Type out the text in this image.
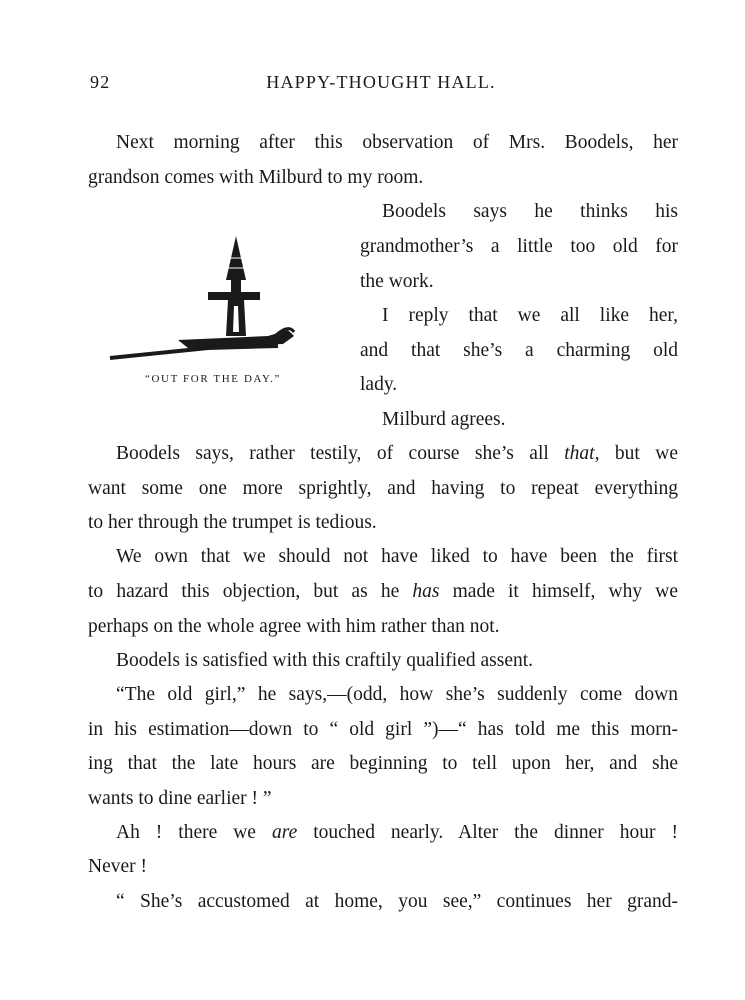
92	HAPPY-THOUGHT HALL.

Next morning after this observation of Mrs. Boodels, her

grandson comes with Milburd to my room.

“OUT FOR THE DAY.”

Boodels says he thinks his

grandmother’s a little too old for

the work.

I reply that we all like her,

and that she’s a charming old

lady.

Milburd agrees.

Boodels says, rather testily, of course she’s all that, but we

want some one more sprightly, and having to repeat everything

to her through the trumpet is tedious.

We own that we should not have liked to have been the first

to hazard this objection, but as he has made it himself, why we

perhaps on the whole agree with him rather than not.

Boodels is satisfied with this craftily qualified assent.

“The old girl,” he says,—(odd, how she’s suddenly come down

in his estimation—down to “ old girl ”)—“ has told me this morn-

ing that the late hours are beginning to tell upon her, and she

wants to dine earlier ! ”

Ah ! there we are touched nearly. Alter the dinner hour !

Never !

“ She’s accustomed at home, you see,” continues her grand-
